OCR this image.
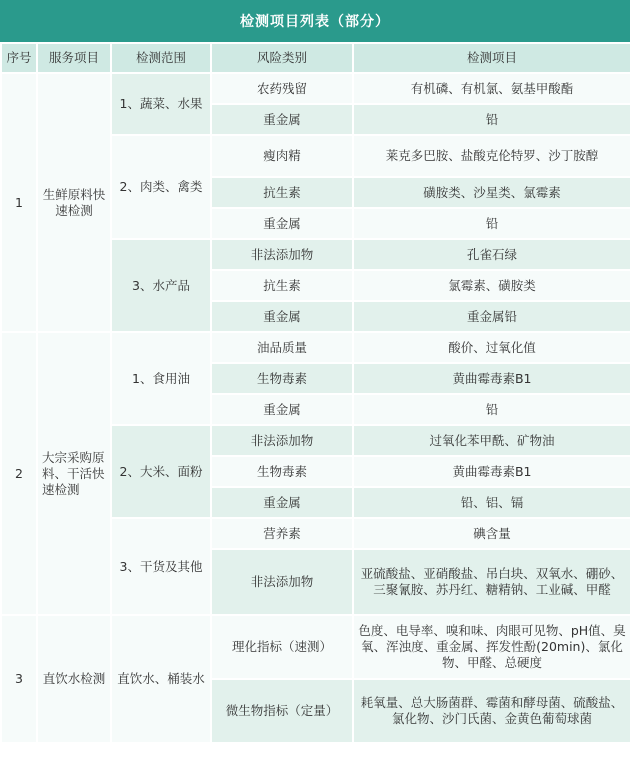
检测项目列表（部分）
序号	服务项目	检测范围	风险类别	检测项目
1	生鲜原料快速检测	1、蔬菜、水果	农药残留	有机磷、有机氯、氨基甲酸酯
			重金属	铅
		2、肉类、禽类	瘦肉精	莱克多巴胺、盐酸克伦特罗、沙丁胺醇
			抗生素	磺胺类、沙星类、氯霉素
			重金属	铅
		3、水产品	非法添加物	孔雀石绿
			抗生素	氯霉素、磺胺类
			重金属	重金属铅
2	大宗采购原料、干活快速检测	1、食用油	油品质量	酸价、过氧化值
			生物毒素	黄曲霉毒素B1
			重金属	铅
		2、大米、面粉	非法添加物	过氧化苯甲酰、矿物油
			生物毒素	黄曲霉毒素B1
			重金属	铅、铝、镉
		3、干货及其他	营养素	碘含量
			非法添加物	亚硫酸盐、亚硝酸盐、吊白块、双氧水、硼砂、三聚氰胺、苏丹红、糖精钠、工业碱、甲醛
3	直饮水检测	直饮水、桶装水	理化指标（速测）	色度、电导率、嗅和味、肉眼可见物、pH值、臭氧、浑浊度、重金属、挥发性酚(20min)、氯化物、甲醛、总硬度
			微生物指标（定量）	耗氧量、总大肠菌群、霉菌和酵母菌、硫酸盐、氯化物、沙门氏菌、金黄色葡萄球菌
